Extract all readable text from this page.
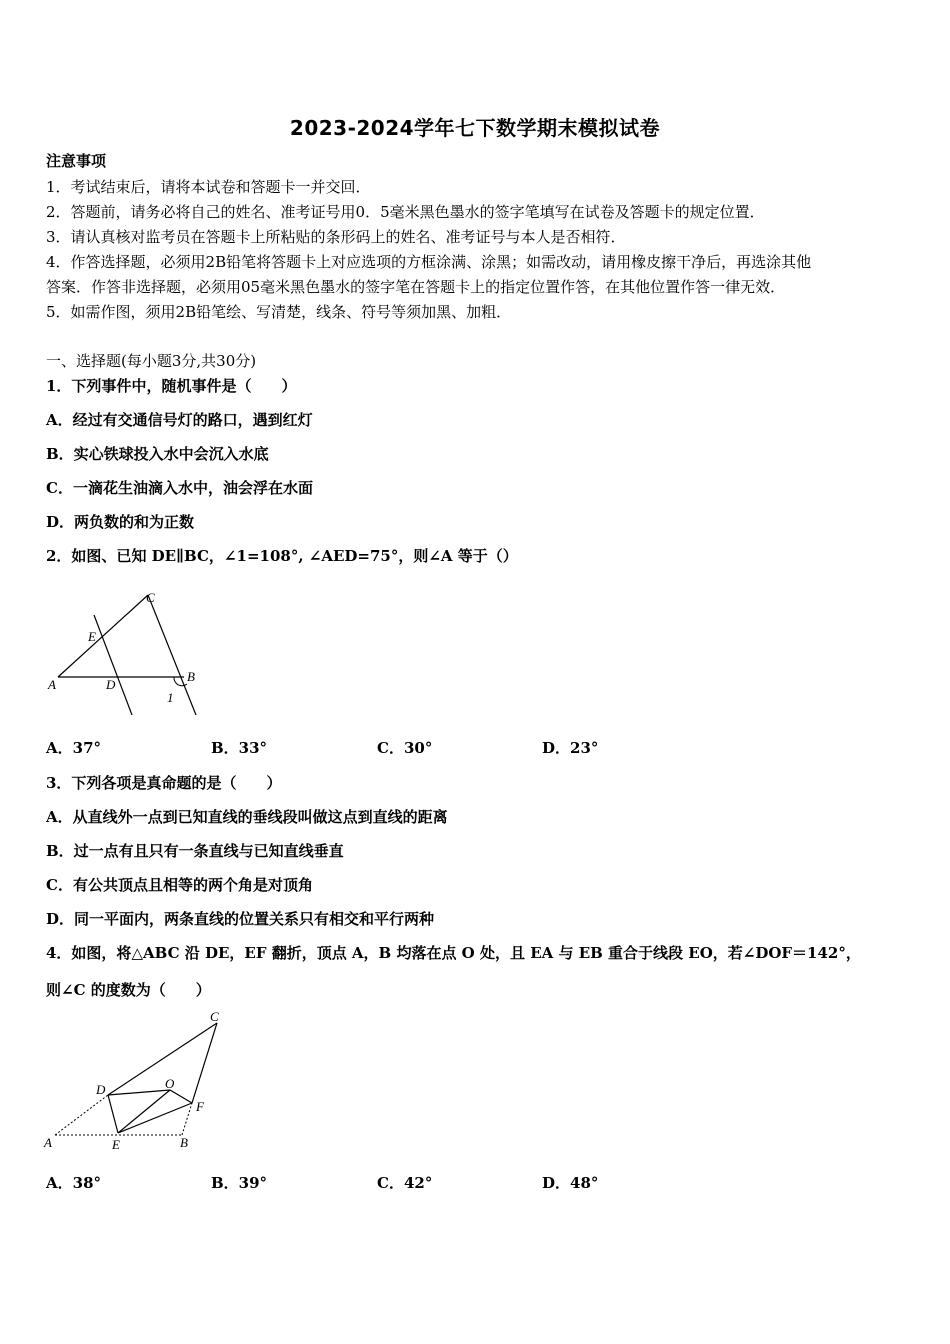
2023-2024学年七下数学期末模拟试卷
注意事项
1．考试结束后，请将本试卷和答题卡一并交回．
2．答题前，请务必将自己的姓名、准考证号用0．5毫米黑色墨水的签字笔填写在试卷及答题卡的规定位置．
3．请认真核对监考员在答题卡上所粘贴的条形码上的姓名、准考证号与本人是否相符．
4．作答选择题，必须用2B铅笔将答题卡上对应选项的方框涂满、涂黑；如需改动，请用橡皮擦干净后，再选涂其他
答案．作答非选择题，必须用05毫米黑色墨水的签字笔在答题卡上的指定位置作答，在其他位置作答一律无效．
5．如需作图，须用2B铅笔绘、写清楚，线条、符号等须加黑、加粗．
一、选择题(每小题3分,共30分)
1．下列事件中，随机事件是（　　）
A．经过有交通信号灯的路口，遇到红灯
B．实心铁球投入水中会沉入水底
C．一滴花生油滴入水中，油会浮在水面
D．两负数的和为正数
2．如图、已知 DE∥BC，∠1=108°, ∠AED=75°，则∠A 等于（）
A
B
C
D
E
1
A．37°	B．33°	C．30°	D．23°
3．下列各项是真命题的是（　　）
A．从直线外一点到已知直线的垂线段叫做这点到直线的距离
B．过一点有且只有一条直线与已知直线垂直
C．有公共顶点且相等的两个角是对顶角
D．同一平面内，两条直线的位置关系只有相交和平行两种
4．如图，将△ABC 沿 DE，EF 翻折，顶点 A，B 均落在点 O 处，且 EA 与 EB 重合于线段 EO，若∠DOF＝142°，
则∠C 的度数为（　　）
A	B
C
D
E
F
O
A．38°	B．39°	C．42°	D．48°
